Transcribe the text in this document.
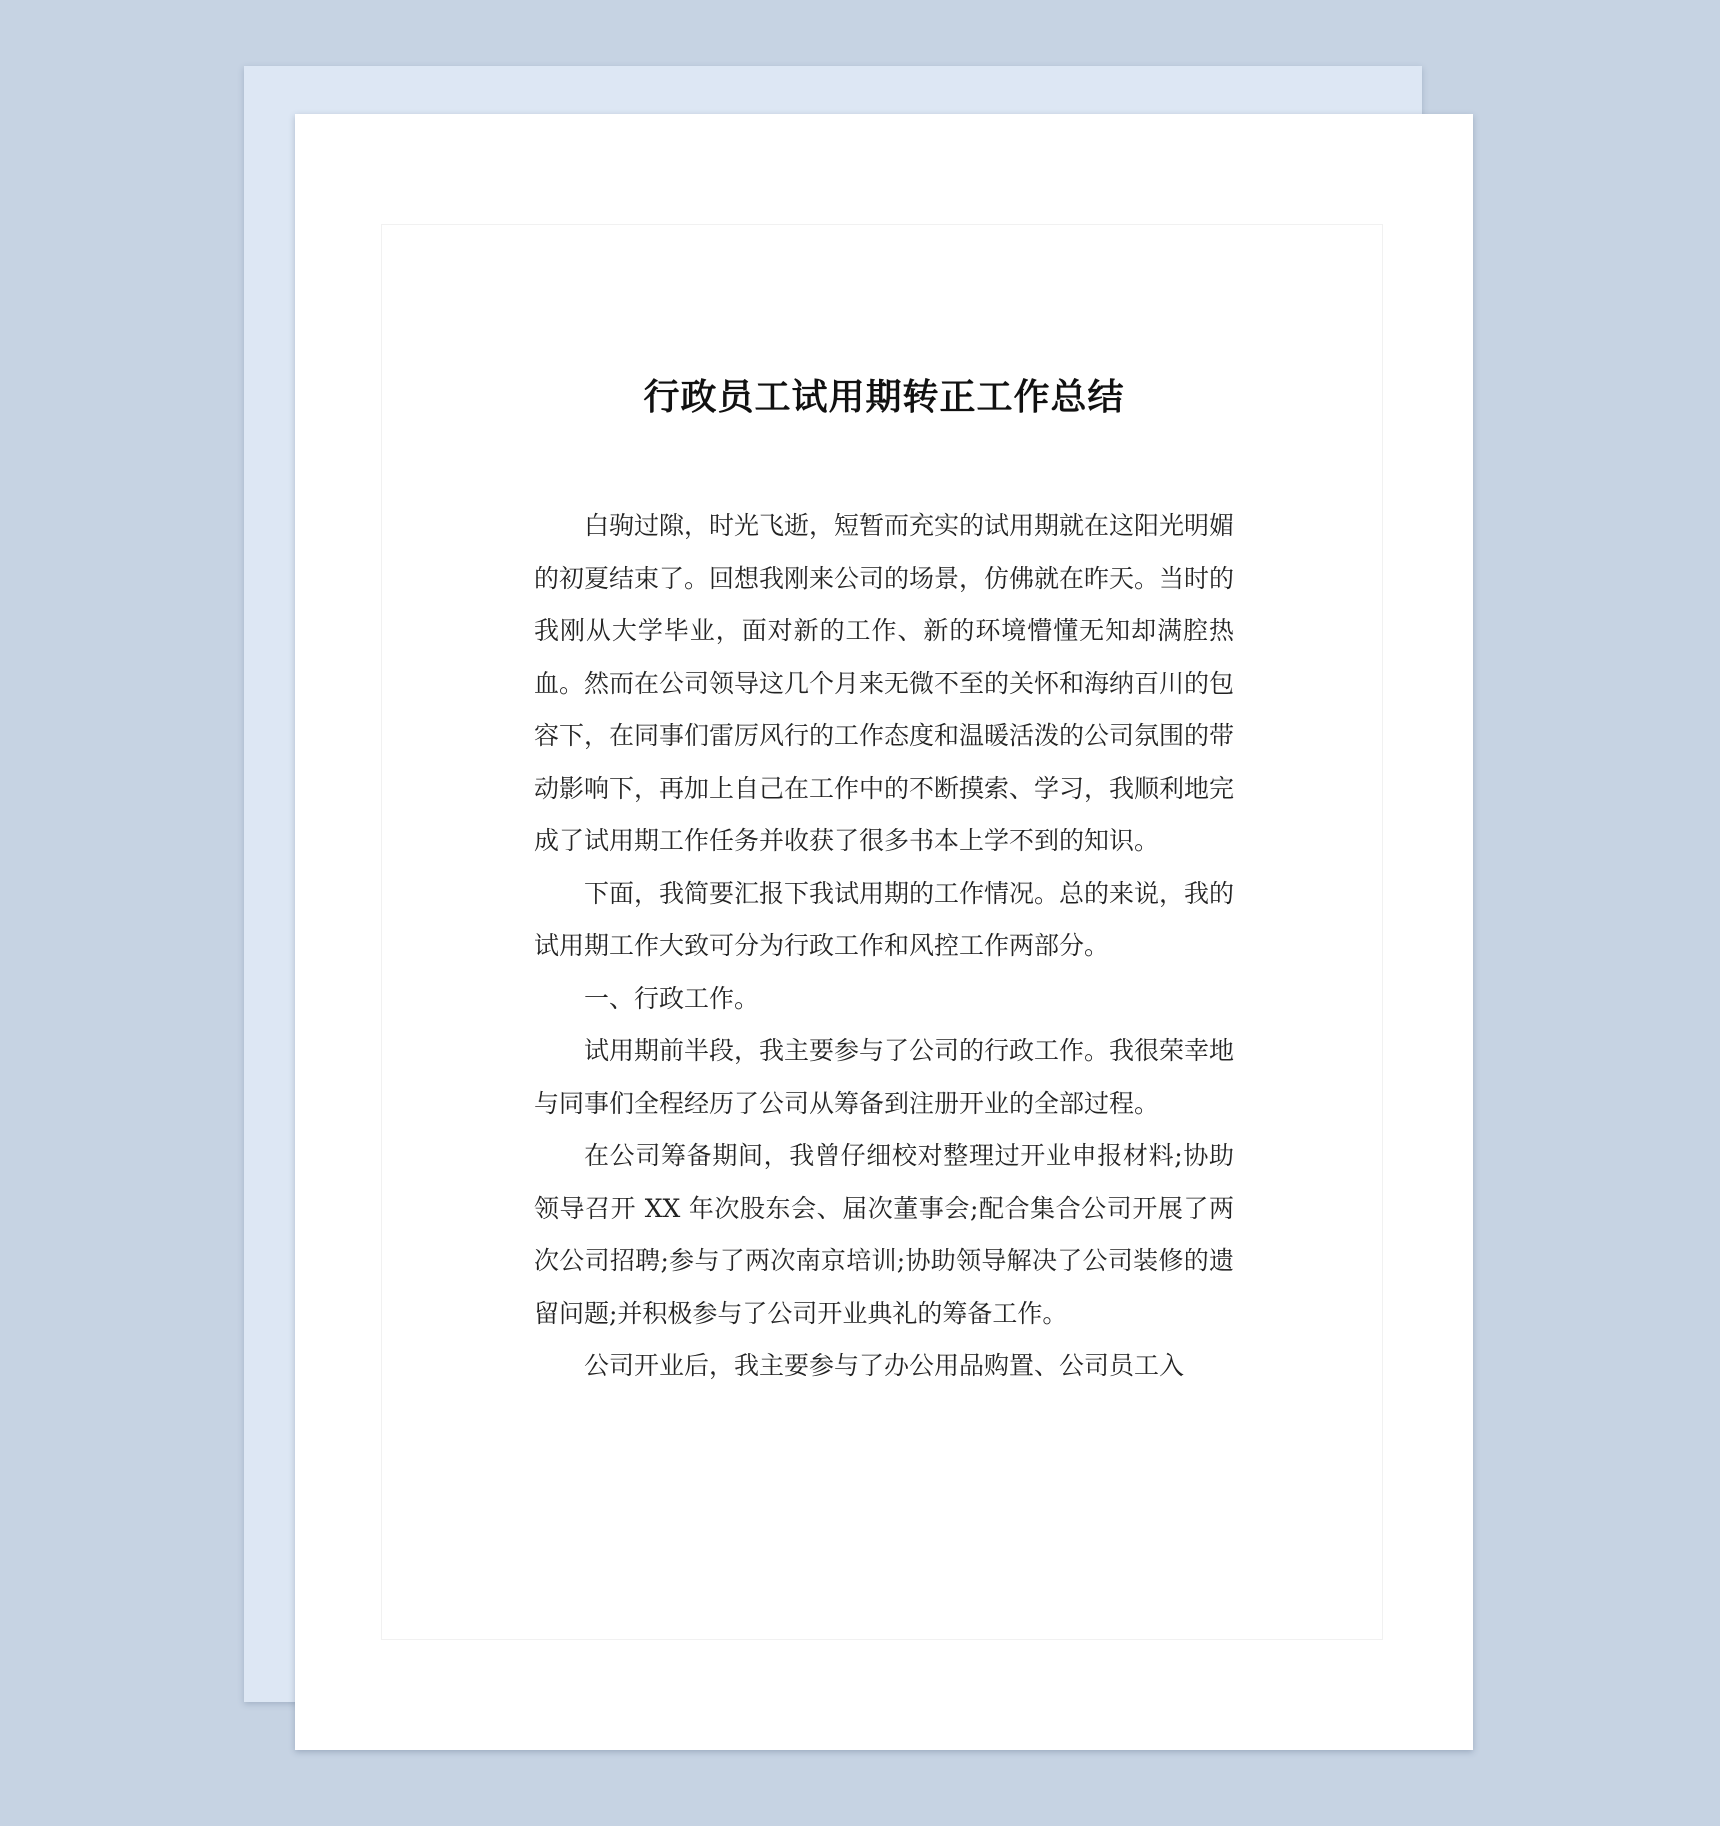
行政员工试用期转正工作总结

白驹过隙，时光飞逝，短暂而充实的试用期就在这阳光明媚的初夏结束了。回想我刚来公司的场景，仿佛就在昨天。当时的我刚从大学毕业，面对新的工作、新的环境懵懂无知却满腔热血。然而在公司领导这几个月来无微不至的关怀和海纳百川的包容下，在同事们雷厉风行的工作态度和温暖活泼的公司氛围的带动影响下，再加上自己在工作中的不断摸索、学习，我顺利地完成了试用期工作任务并收获了很多书本上学不到的知识。

下面，我简要汇报下我试用期的工作情况。总的来说，我的试用期工作大致可分为行政工作和风控工作两部分。

一、行政工作。

试用期前半段，我主要参与了公司的行政工作。我很荣幸地与同事们全程经历了公司从筹备到注册开业的全部过程。

在公司筹备期间，我曾仔细校对整理过开业申报材料;协助领导召开 XX 年次股东会、届次董事会;配合集合公司开展了两次公司招聘;参与了两次南京培训;协助领导解决了公司装修的遗留问题;并积极参与了公司开业典礼的筹备工作。

公司开业后，我主要参与了办公用品购置、公司员工入
